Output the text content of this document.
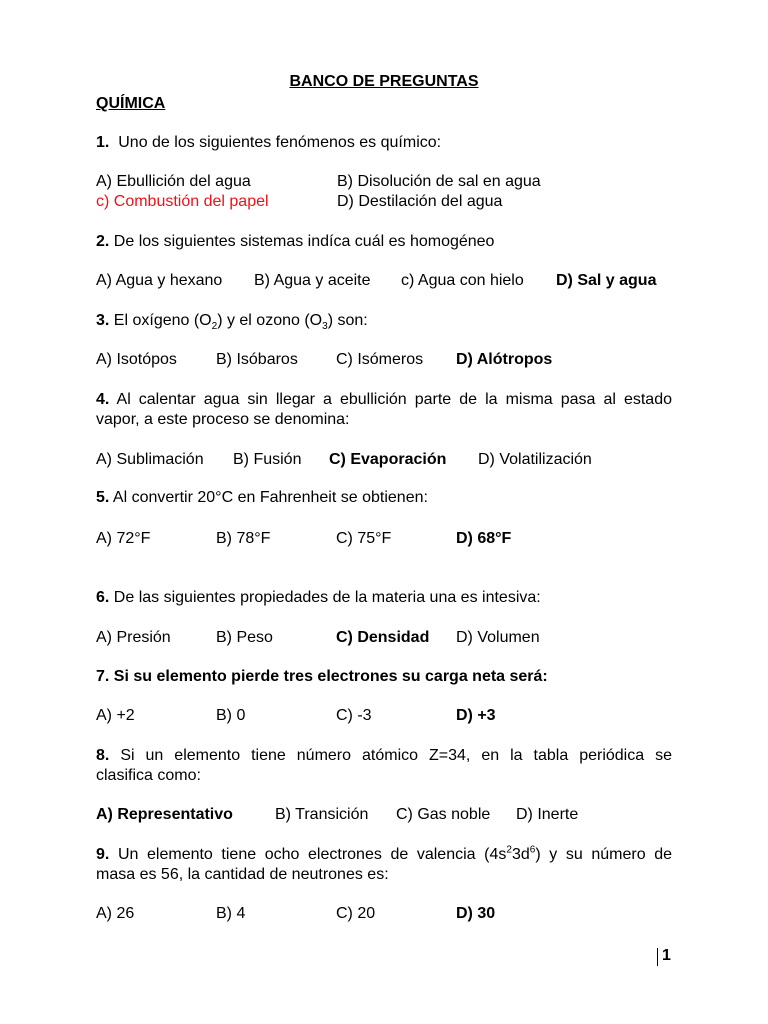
BANCO DE PREGUNTAS
QUÍMICA
1. Uno de los siguientes fenómenos es químico:
A) Ebullición del agua	B) Disolución de sal en agua
c) Combustión del papel	D) Destilación del agua
2. De los siguientes sistemas indíca cuál es homogéneo
A) Agua y hexano B) Agua y aceite c) Agua con hielo D) Sal y agua
3. El oxígeno $(O_2)$ y el ozono $(O_3)$ son:
A) Isotópos B) Isóbaros C) Isómeros D) Alótropos
4. Al calentar agua sin llegar a ebullición parte de la misma pasa al estado
vapor, a este proceso se denomina:
A) Sublimación B) Fusión C) Evaporación D) Volatilización
5. Al convertir 20°C en Fahrenheit se obtienen:
A) 72°F	B) 78°F	C) 75°F	D) 68°F
6. De las siguientes propiedades de la materia una es intesiva:
A) Presión	B) Peso	C) Densidad D) Volumen
7. Si su elemento pierde tres electrones su carga neta será:
A) +2	B) 0	C) -3	D) +3
8. Si un elemento tiene número atómico Z=34, en la tabla periódica se
clasifica como:
A) Representativo	B) Transición C) Gas noble D) Inerte
9. Un elemento tiene ocho electrones de valencia $(4s^23d^6)$ y su número de
masa es 56, la cantidad de neutrones es:
A) 26	B) 4	C) 20	D) 30
1
